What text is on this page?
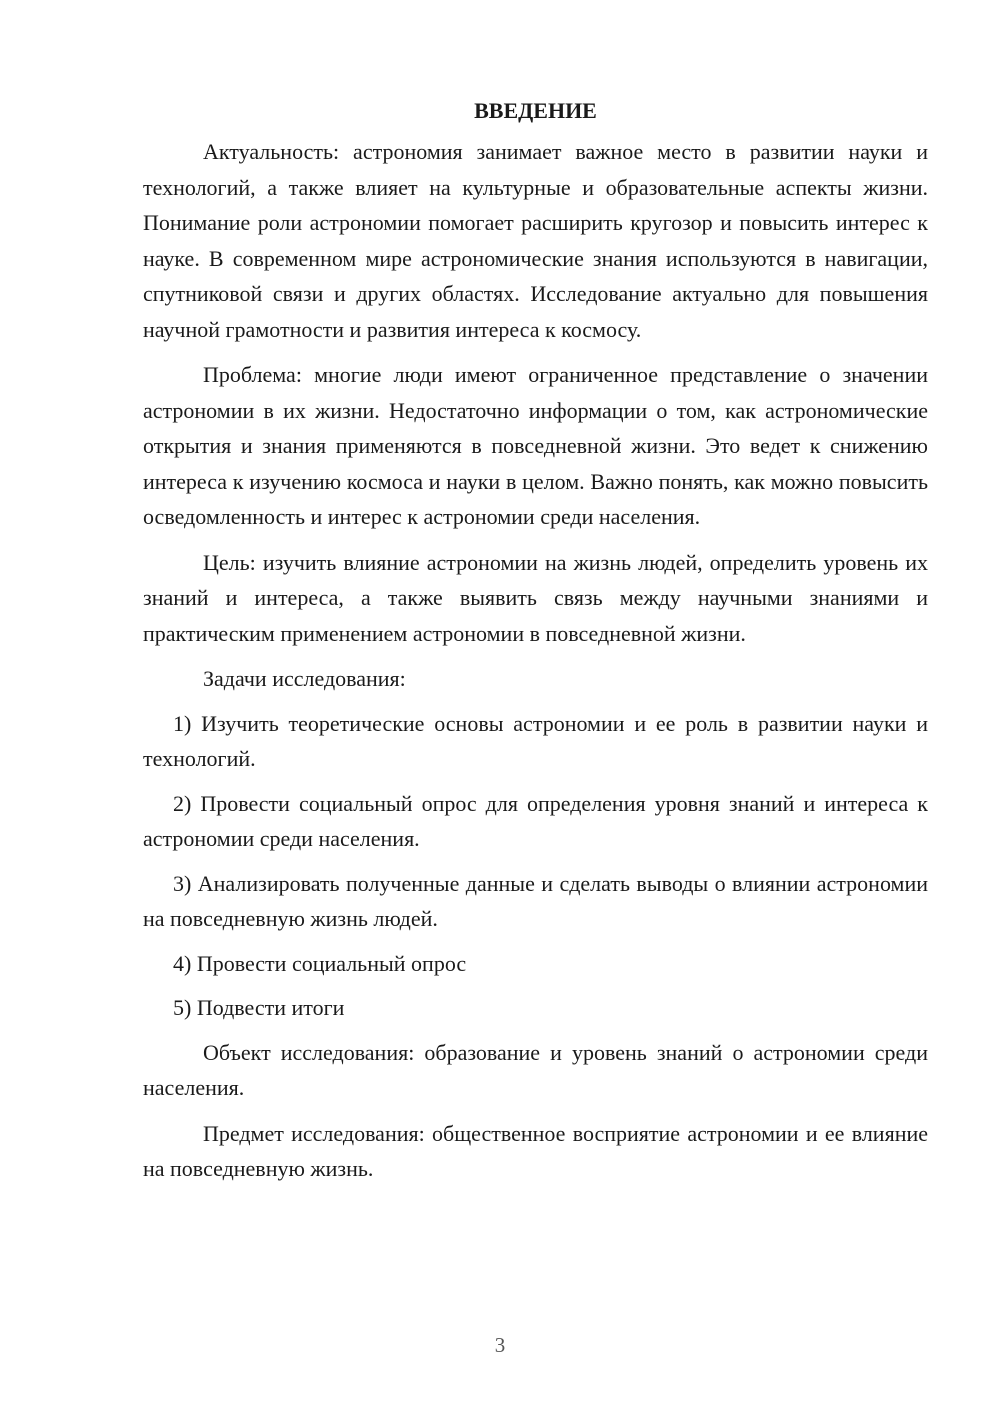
ВВЕДЕНИЕ

Актуальность: астрономия занимает важное место в развитии науки и технологий, а также влияет на культурные и образовательные аспекты жизни. Понимание роли астрономии помогает расширить кругозор и повысить интерес к науке. В современном мире астрономические знания используются в навигации, спутниковой связи и других областях. Исследование актуально для повышения научной грамотности и развития интереса к космосу.

Проблема: многие люди имеют ограниченное представление о значении астрономии в их жизни. Недостаточно информации о том, как астрономические открытия и знания применяются в повседневной жизни. Это ведет к снижению интереса к изучению космоса и науки в целом. Важно понять, как можно повысить осведомленность и интерес к астрономии среди населения.

Цель: изучить влияние астрономии на жизнь людей, определить уровень их знаний и интереса, а также выявить связь между научными знаниями и практическим применением астрономии в повседневной жизни.

Задачи исследования:

1) Изучить теоретические основы астрономии и ее роль в развитии науки и технологий.

2) Провести социальный опрос для определения уровня знаний и интереса к астрономии среди населения.

3) Анализировать полученные данные и сделать выводы о влиянии астрономии на повседневную жизнь людей.

4) Провести социальный опрос

5) Подвести итоги

Объект исследования: образование и уровень знаний о астрономии среди населения.

Предмет исследования: общественное восприятие астрономии и ее влияние на повседневную жизнь.

3
